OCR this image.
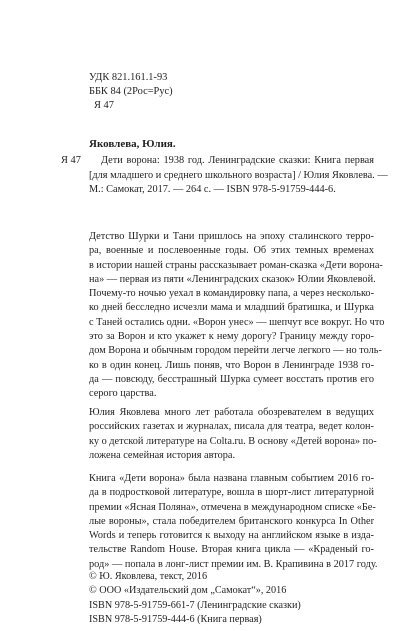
УДК 821.161.1-93
ББК 84 (2Рос=Рус)
Я 47
Яковлева, Юлия.
Я 47	Дети ворона: 1938 год. Ленинградские сказки: Книга первая
[для младшего и среднего школьного возраста] / Юлия Яковлева. —
М.: Самокат, 2017. — 264 с. — ISBN 978-5-91759-444-6.
Детство Шурки и Тани пришлось на эпоху сталинского терро-
ра, военные и послевоенные годы. Об этих темных временах
в истории нашей страны рассказывает роман-сказка «Дети ворона-
на» — первая из пяти «Ленинградских сказок» Юлии Яковлевой.
Почему-то ночью уехал в командировку папа, а через несколько-
ко дней бесследно исчезли мама и младший братишка, и Шурка
с Таней остались одни. «Ворон унес» — шепчут все вокруг. Но что
это за Ворон и кто укажет к нему дорогу? Границу между горо-
дом Ворона и обычным городом перейти легче легкого — но толь-
ко в один конец. Лишь поняв, что Ворон в Ленинграде 1938 го-
да — повсюду, бесстрашный Шурка сумеет восстать против его
серого царства.
Юлия Яковлева много лет работала обозревателем в ведущих
российских газетах и журналах, писала для театра, ведет колон-
ку о детской литературе на Colta.ru. В основу «Детей ворона» по-
ложена семейная история автора.
Книга «Дети ворона» была названа главным событием 2016 го-
да в подростковой литературе, вошла в шорт-лист литературной
премии «Ясная Поляна», отмечена в международном списке «Бе-
лые вороны», стала победителем британского конкурса In Other
Words и теперь готовится к выходу на английском языке в изда-
тельстве Random House. Вторая книга цикла — «Краденый го-
род» — попала в лонг-лист премии им. В. Крапивина в 2017 году.
© Ю. Яковлева, текст, 2016
© ООО «Издательский дом „Самокат“», 2016
ISBN 978-5-91759-661-7 (Ленинградские сказки)
ISBN 978-5-91759-444-6 (Книга первая)
